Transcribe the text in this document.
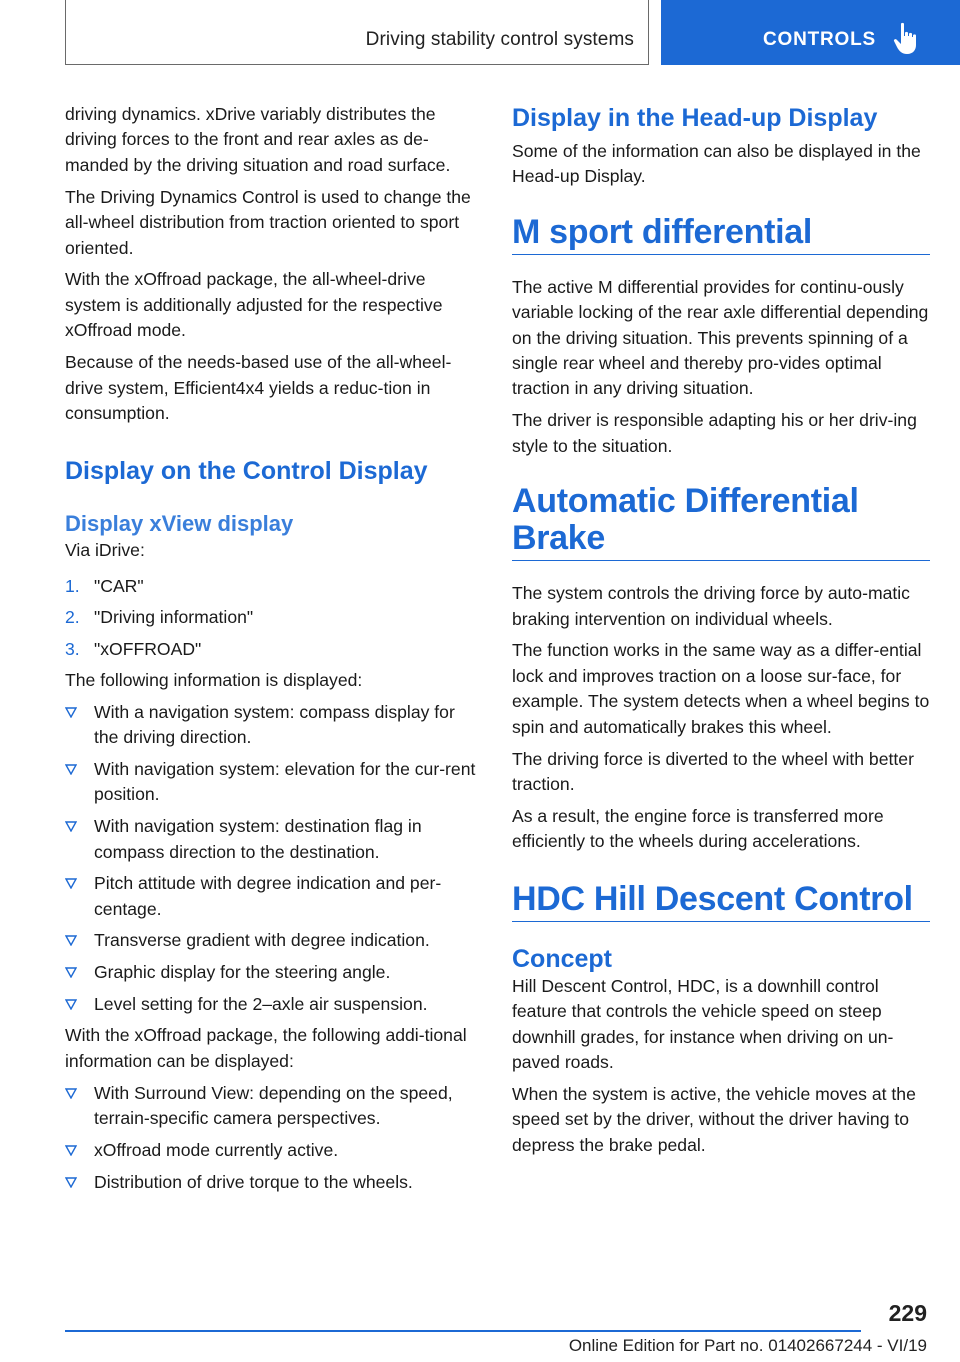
Driving stability control systems	CONTROLS

driving dynamics. xDrive variably distributes the driving forces to the front and rear axles as de‐manded by the driving situation and road surface.

The Driving Dynamics Control is used to change the all-wheel distribution from traction oriented to sport oriented.

With the xOffroad package, the all-wheel-drive system is additionally adjusted for the respective xOffroad mode.

Because of the needs-based use of the all-wheel-drive system, Efficient4x4 yields a reduc‐tion in consumption.

Display on the Control Display
Display xView display

Via iDrive:

1. "CAR"
2. "Driving information"
3. "xOFFROAD"

The following information is displayed:

With a navigation system: compass display for the driving direction.
With navigation system: elevation for the cur‐rent position.
With navigation system: destination flag in compass direction to the destination.
Pitch attitude with degree indication and per‐centage.
Transverse gradient with degree indication.
Graphic display for the steering angle.
Level setting for the 2–axle air suspension.

With the xOffroad package, the following addi‐tional information can be displayed:

With Surround View: depending on the speed, terrain-specific camera perspectives.
xOffroad mode currently active.
Distribution of drive torque to the wheels.
Display in the Head-up Display

Some of the information can also be displayed in the Head-up Display.

M sport differential

The active M differential provides for continu‐ously variable locking of the rear axle differential depending on the driving situation. This prevents spinning of a single rear wheel and thereby pro‐vides optimal traction in any driving situation.

The driver is responsible adapting his or her driv‐ing style to the situation.

Automatic Differential Brake

The system controls the driving force by auto‐matic braking intervention on individual wheels.

The function works in the same way as a differ‐ential lock and improves traction on a loose sur‐face, for example. The system detects when a wheel begins to spin and automatically brakes this wheel.

The driving force is diverted to the wheel with better traction.

As a result, the engine force is transferred more efficiently to the wheels during accelerations.

HDC Hill Descent Control
Concept

Hill Descent Control, HDC, is a downhill control feature that controls the vehicle speed on steep downhill grades, for instance when driving on un‐paved roads.

When the system is active, the vehicle moves at the speed set by the driver, without the driver having to depress the brake pedal.

229
Online Edition for Part no. 01402667244 - VI/19
